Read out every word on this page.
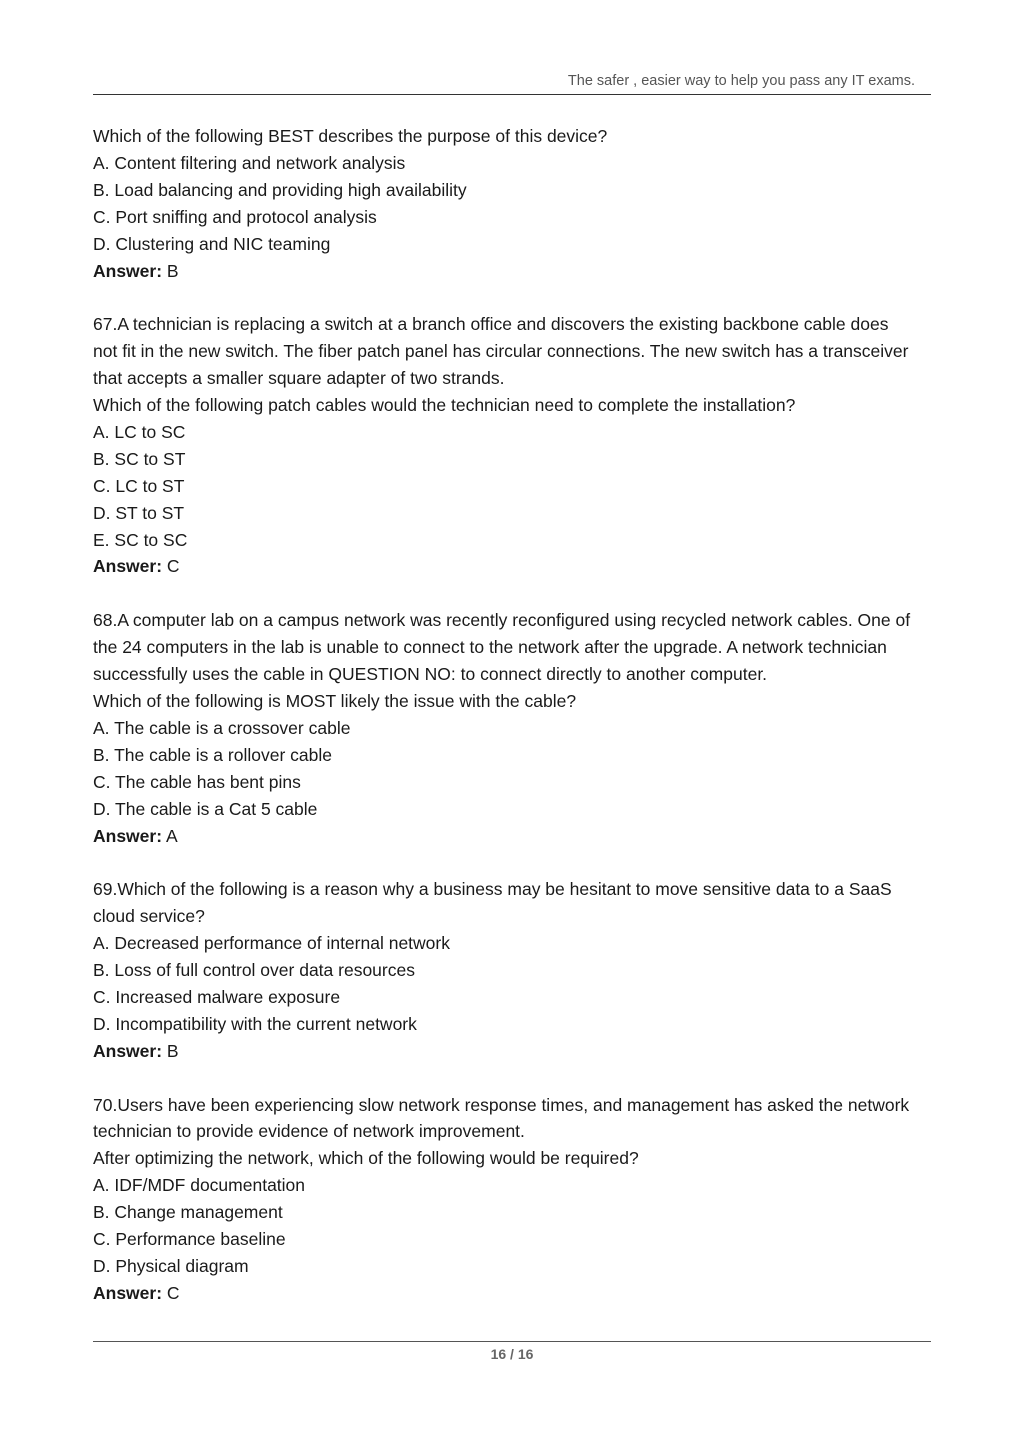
The safer , easier way to help you pass any IT exams.
Which of the following BEST describes the purpose of this device?
A. Content filtering and network analysis
B. Load balancing and providing high availability
C. Port sniffing and protocol analysis
D. Clustering and NIC teaming
Answer: B
67.A technician is replacing a switch at a branch office and discovers the existing backbone cable does
not fit in the new switch. The fiber patch panel has circular connections. The new switch has a transceiver
that accepts a smaller square adapter of two strands.
Which of the following patch cables would the technician need to complete the installation?
A. LC to SC
B. SC to ST
C. LC to ST
D. ST to ST
E. SC to SC
Answer: C
68.A computer lab on a campus network was recently reconfigured using recycled network cables. One of
the 24 computers in the lab is unable to connect to the network after the upgrade. A network technician
successfully uses the cable in QUESTION NO: to connect directly to another computer.
Which of the following is MOST likely the issue with the cable?
A. The cable is a crossover cable
B. The cable is a rollover cable
C. The cable has bent pins
D. The cable is a Cat 5 cable
Answer: A
69.Which of the following is a reason why a business may be hesitant to move sensitive data to a SaaS
cloud service?
A. Decreased performance of internal network
B. Loss of full control over data resources
C. Increased malware exposure
D. Incompatibility with the current network
Answer: B
70.Users have been experiencing slow network response times, and management has asked the network
technician to provide evidence of network improvement.
After optimizing the network, which of the following would be required?
A. IDF/MDF documentation
B. Change management
C. Performance baseline
D. Physical diagram
Answer: C
16 / 16
